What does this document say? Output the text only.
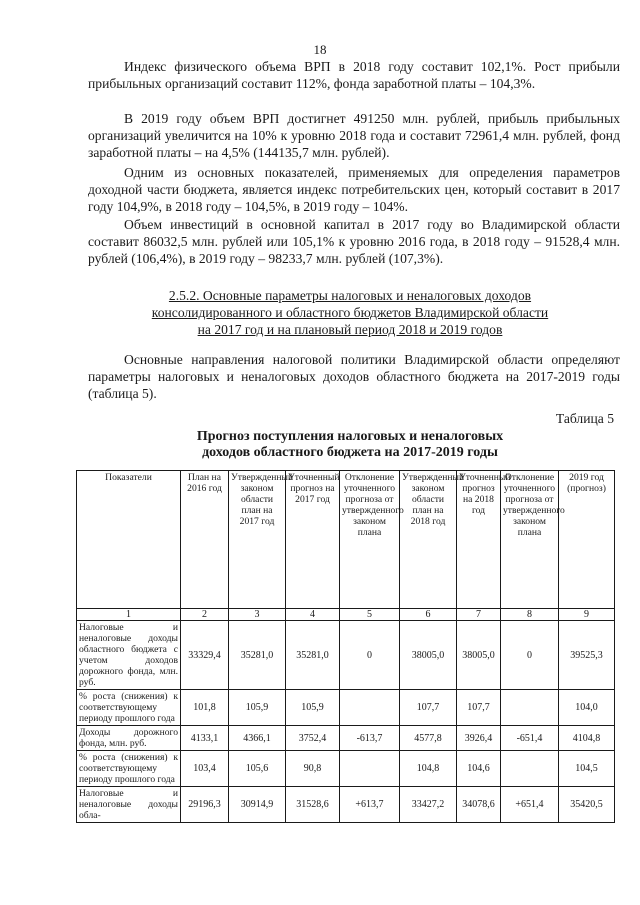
18

Индекс физического объема ВРП в 2018 году составит 102,1%. Рост прибыли прибыльных организаций составит 112%, фонда заработной платы – 104,3%.

В 2019 году объем ВРП достигнет 491250 млн. рублей, прибыль прибыльных организаций увеличится на 10% к уровню 2018 года и составит 72961,4 млн. рублей, фонд заработной платы – на 4,5% (144135,7 млн. рублей).

Одним из основных показателей, применяемых для определения параметров доходной части бюджета, является индекс потребительских цен, который составит в 2017 году 104,9%, в 2018 году – 104,5%, в 2019 году – 104%.

Объем инвестиций в основной капитал в 2017 году во Владимирской области составит 86032,5 млн. рублей или 105,1% к уровню 2016 года, в 2018 году – 91528,4 млн. рублей (106,4%), в 2019 году – 98233,7 млн. рублей (107,3%).

2.5.2. Основные параметры налоговых и неналоговых доходов
консолидированного и областного бюджетов Владимирской области
на 2017 год и на плановый период 2018 и 2019 годов

Основные направления налоговой политики Владимирской области определяют параметры налоговых и неналоговых доходов областного бюджета на 2017-2019 годы (таблица 5).

Таблица 5
Прогноз поступления налоговых и неналоговых
доходов областного бюджета на 2017-2019 годы
Показатели	План на 2016 год	Утвержденный законом области план на 2017 год	Уточненный прогноз на 2017 год	Отклонение уточненного прогноза от утвержденного законом плана	Утвержденный законом области план на 2018 год	Уточненный прогноз на 2018 год	Отклонение уточненного прогноза от утвержденного законом плана	2019 год (прогноз)
1	2	3	4	5	6	7	8	9
Налоговые и неналоговые доходы областного бюджета с учетом доходов дорожного фонда, млн. руб.	33329,4	35281,0	35281,0	0	38005,0	38005,0	0	39525,3
% роста (снижения) к соответствующему периоду прошлого года	101,8	105,9	105,9		107,7	107,7		104,0
Доходы дорожного фонда, млн. руб.	4133,1	4366,1	3752,4	-613,7	4577,8	3926,4	-651,4	4104,8
% роста (снижения) к соответствующему периоду прошлого года	103,4	105,6	90,8		104,8	104,6		104,5
Налоговые и неналоговые доходы обла-	29196,3	30914,9	31528,6	+613,7	33427,2	34078,6	+651,4	35420,5
